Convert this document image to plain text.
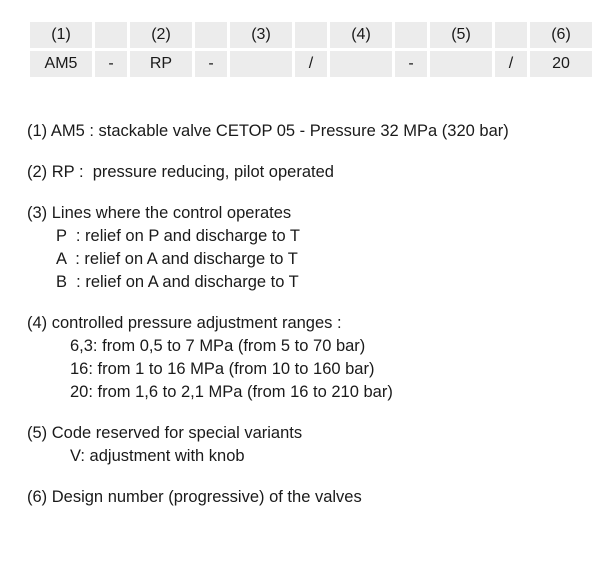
(1)		(2)		(3)		(4)		(5)		(6)
AM5	-	RP	-		/		-		/	20
(1) AM5 : stackable valve CETOP 05 - Pressure 32 MPa (320 bar)
(2) RP :  pressure reducing, pilot operated
(3) Lines where the control operates
P  : relief on P and discharge to T
A  : relief on A and discharge to T
B  : relief on A and discharge to T
(4) controlled pressure adjustment ranges :
6,3: from 0,5 to 7 MPa (from 5 to 70 bar)
16: from 1 to 16 MPa (from 10 to 160 bar)
20: from 1,6 to 2,1 MPa (from 16 to 210 bar)
(5) Code reserved for special variants
V: adjustment with knob
(6) Design number (progressive) of the valves
